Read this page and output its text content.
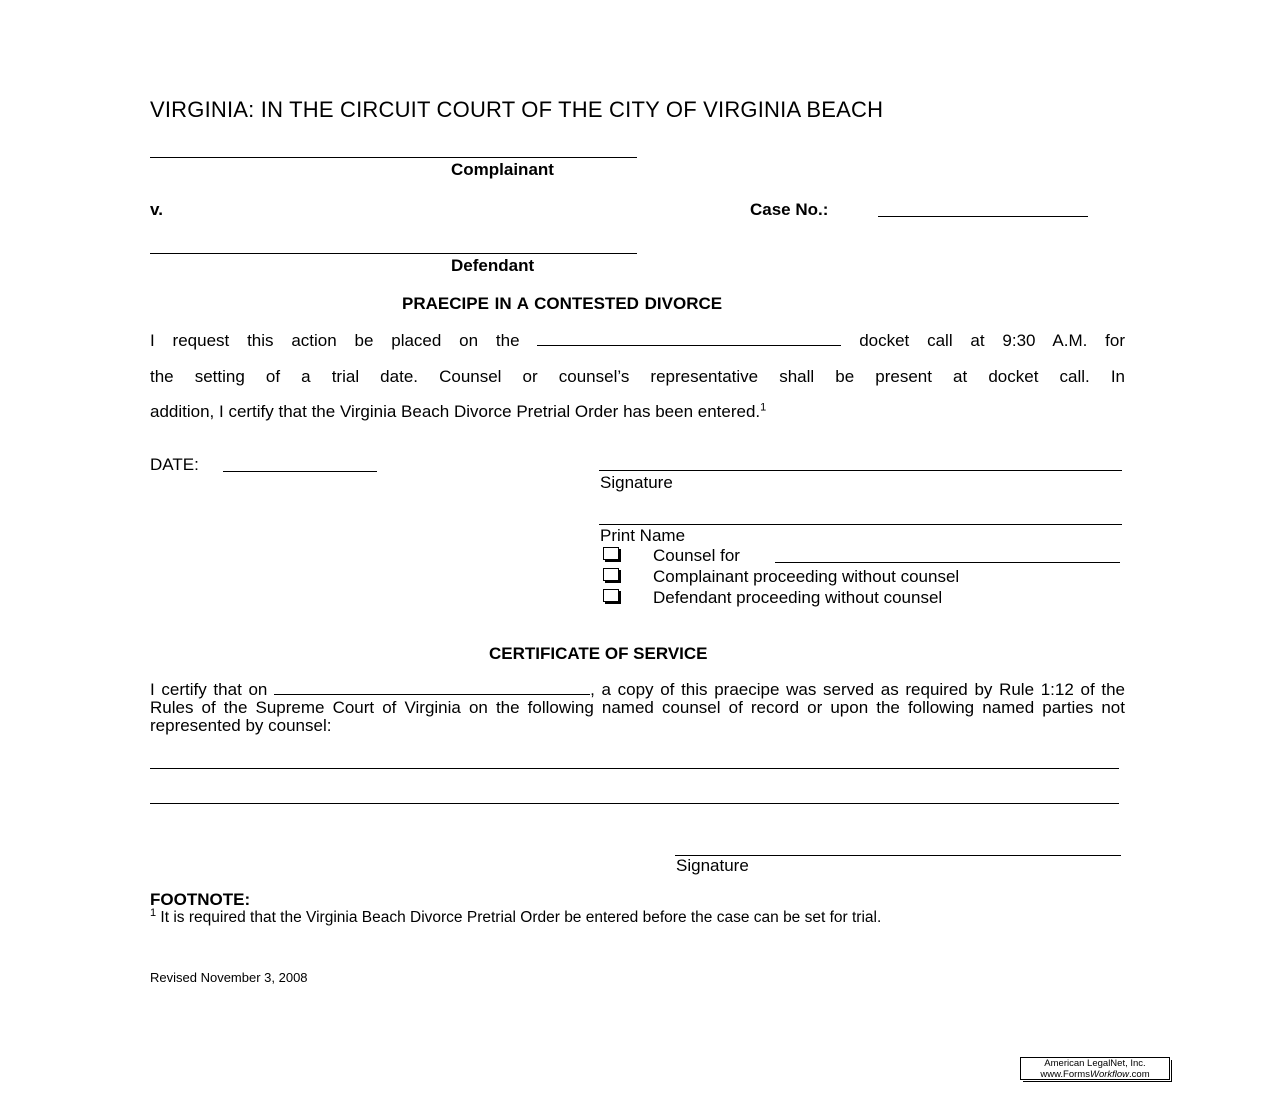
VIRGINIA: IN THE CIRCUIT COURT OF THE CITY OF VIRGINIA BEACH
Complainant
v.	Case No.:
Defendant
PRAECIPE IN A CONTESTED DIVORCE

I request this action be placed on the	docket call at 9:30 A.M. for

the setting of a trial date. Counsel or counsel’s representative shall be present at docket call. In

addition, I certify that the Virginia Beach Divorce Pretrial Order has been entered.$^1$

DATE:
Signature
Print Name
Counsel for
Complainant proceeding without counsel
Defendant proceeding without counsel
CERTIFICATE OF SERVICE

I certify that on	, a copy of this praecipe was served as required by Rule 1:12 of the Rules of the Supreme Court of Virginia on the following named counsel of record or upon the following named parties not represented by counsel:

Signature
FOOTNOTE:

$^1$ It is required that the Virginia Beach Divorce Pretrial Order be entered before the case can be set for trial.

Revised November 3, 2008
American LegalNet, Inc.
www.FormsWorkflow.com
